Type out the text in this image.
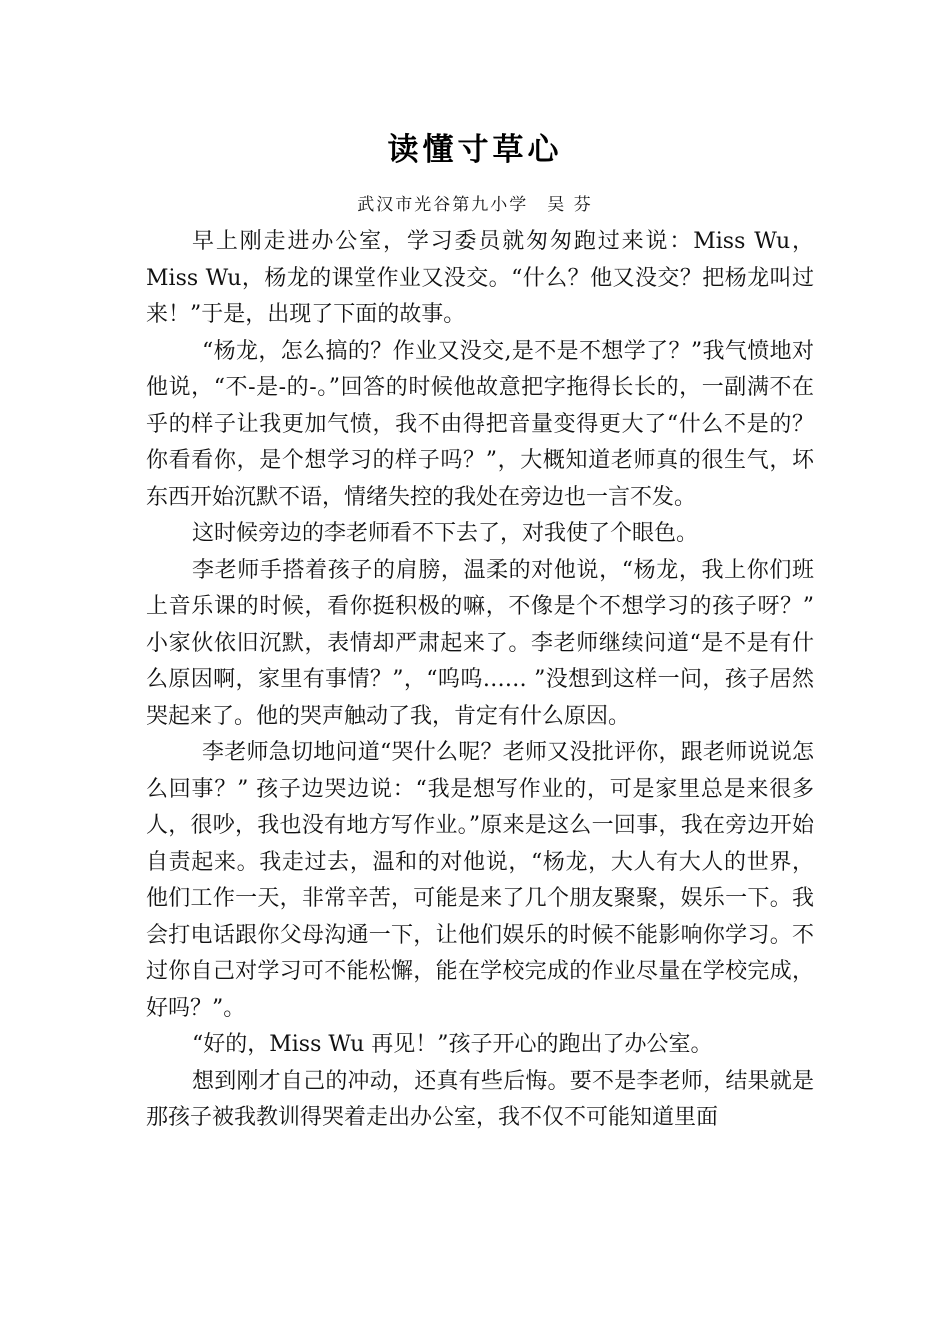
读懂寸草心
武汉市光谷第九小学　吴 芬

早上刚走进办公室，学习委员就匆匆跑过来说：Miss Wu，Miss Wu，杨龙的课堂作业又没交。“什么？他又没交？把杨龙叫过来！”于是，出现了下面的故事。

“杨龙，怎么搞的？作业又没交,是不是不想学了？”我气愤地对他说，“不-是-的-。”回答的时候他故意把字拖得长长的，一副满不在乎的样子让我更加气愤，我不由得把音量变得更大了“什么不是的？你看看你，是个想学习的样子吗？”，大概知道老师真的很生气，坏东西开始沉默不语，情绪失控的我处在旁边也一言不发。

这时候旁边的李老师看不下去了，对我使了个眼色。

李老师手搭着孩子的肩膀，温柔的对他说，“杨龙，我上你们班上音乐课的时候，看你挺积极的嘛，不像是个不想学习的孩子呀？” 小家伙依旧沉默，表情却严肃起来了。李老师继续问道“是不是有什么原因啊，家里有事情？”，“呜呜…… ”没想到这样一问，孩子居然哭起来了。他的哭声触动了我，肯定有什么原因。

李老师急切地问道“哭什么呢？老师又没批评你，跟老师说说怎么回事？” 孩子边哭边说：“我是想写作业的，可是家里总是来很多人，很吵，我也没有地方写作业。”原来是这么一回事，我在旁边开始自责起来。我走过去，温和的对他说，“杨龙，大人有大人的世界，他们工作一天，非常辛苦，可能是来了几个朋友聚聚，娱乐一下。我会打电话跟你父母沟通一下，让他们娱乐的时候不能影响你学习。不过你自己对学习可不能松懈，能在学校完成的作业尽量在学校完成，好吗？”。

“好的，Miss Wu 再见！”孩子开心的跑出了办公室。

想到刚才自己的冲动，还真有些后悔。要不是李老师，结果就是那孩子被我教训得哭着走出办公室，我不仅不可能知道里面
